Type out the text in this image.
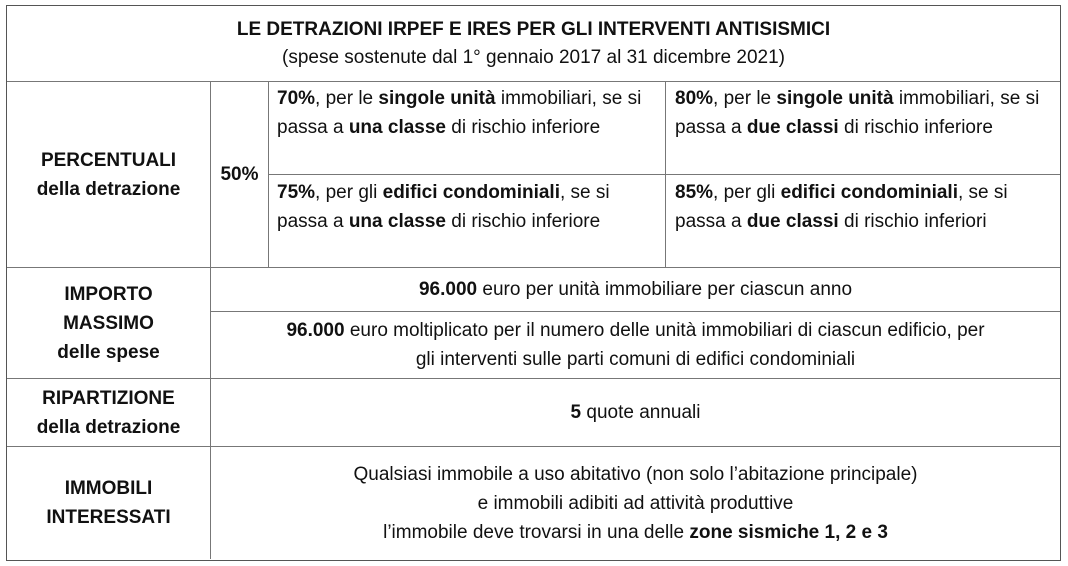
LE DETRAZIONI IRPEF E IRES PER GLI INTERVENTI ANTISISMICI
(spese sostenute dal 1° gennaio 2017 al 31 dicembre 2021)
PERCENTUALI
della detrazione
50%
70%, per le singole unità immobiliari, se si passa a una classe di rischio inferiore
80%, per le singole unità immobiliari, se si passa a due classi di rischio inferiore
75%, per gli edifici condominiali, se si passa a una classe di rischio inferiore
85%, per gli edifici condominiali, se si passa a due classi di rischio inferiori
IMPORTO
MASSIMO
delle spese
96.000 euro per unità immobiliare per ciascun anno
96.000 euro moltiplicato per il numero delle unità immobiliari di ciascun edificio, per
gli interventi sulle parti comuni di edifici condominiali
RIPARTIZIONE
della detrazione
5 quote annuali
IMMOBILI
INTERESSATI
Qualsiasi immobile a uso abitativo (non solo l’abitazione principale)
e immobili adibiti ad attività produttive
l’immobile deve trovarsi in una delle zone sismiche 1, 2 e 3
